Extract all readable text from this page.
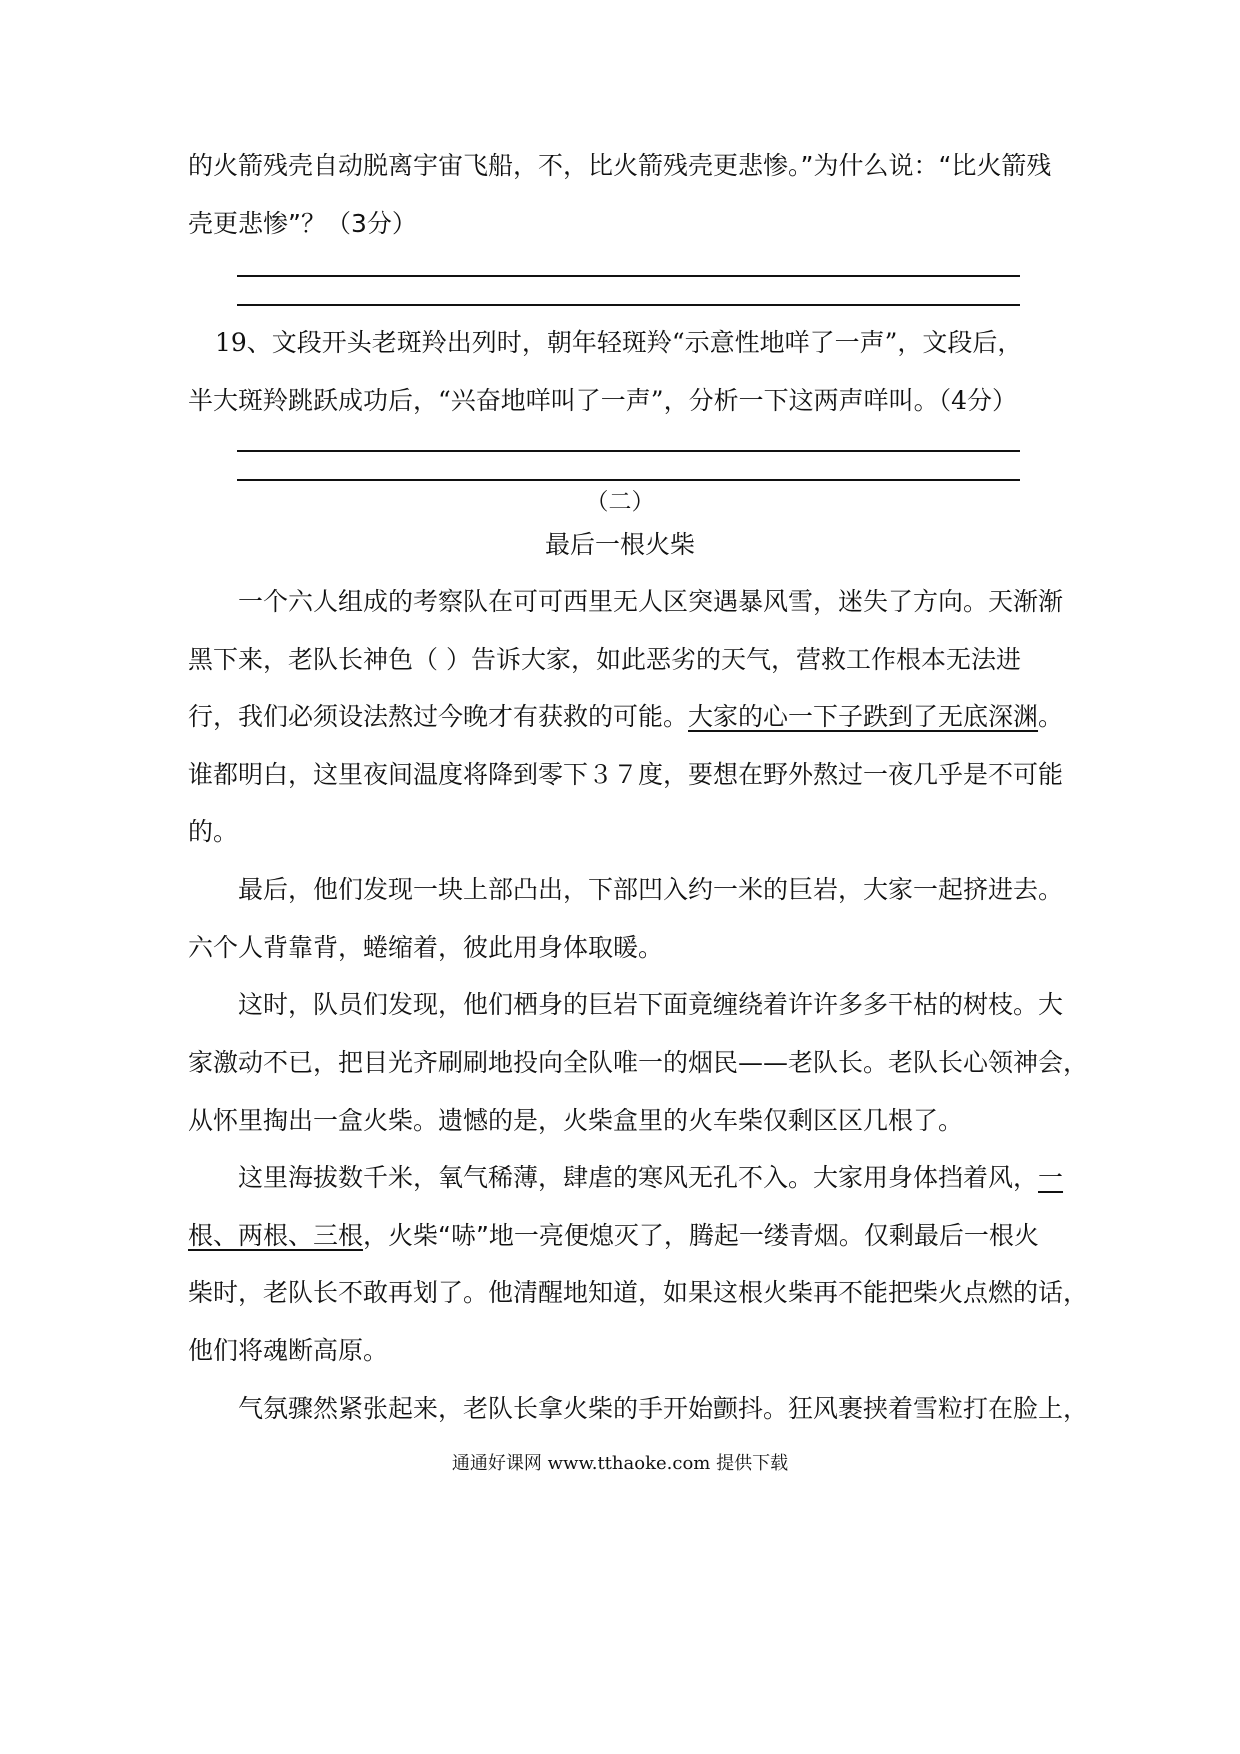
的火箭残壳自动脱离宇宙飞船，不，比火箭残壳更悲惨。”为什么说：“比火箭残
壳更悲惨”？（3分）
19、文段开头老斑羚出列时，朝年轻斑羚“示意性地咩了一声”，文段后，
半大斑羚跳跃成功后，“兴奋地咩叫了一声”，分析一下这两声咩叫。（4分）
（二）
最后一根火柴
一个六人组成的考察队在可可西里无人区突遇暴风雪，迷失了方向。天渐渐
黑下来，老队长神色（ ）告诉大家，如此恶劣的天气，营救工作根本无法进
行，我们必须设法熬过今晚才有获救的可能。大家的心一下子跌到了无底深渊。
谁都明白，这里夜间温度将降到零下３７度，要想在野外熬过一夜几乎是不可能
的。
最后，他们发现一块上部凸出，下部凹入约一米的巨岩，大家一起挤进去。
六个人背靠背，蜷缩着，彼此用身体取暖。
这时，队员们发现，他们栖身的巨岩下面竟缠绕着许许多多干枯的树枝。大
家激动不已，把目光齐刷刷地投向全队唯一的烟民——老队长。老队长心领神会，
从怀里掏出一盒火柴。遗憾的是，火柴盒里的火车柴仅剩区区几根了。
这里海拔数千米，氧气稀薄，肆虐的寒风无孔不入。大家用身体挡着风，一
根、两根、三根，火柴“哧”地一亮便熄灭了，腾起一缕青烟。仅剩最后一根火
柴时，老队长不敢再划了。他清醒地知道，如果这根火柴再不能把柴火点燃的话，
他们将魂断高原。
气氛骤然紧张起来，老队长拿火柴的手开始颤抖。狂风裹挟着雪粒打在脸上，
通通好课网 www.tthaoke.com 提供下载
